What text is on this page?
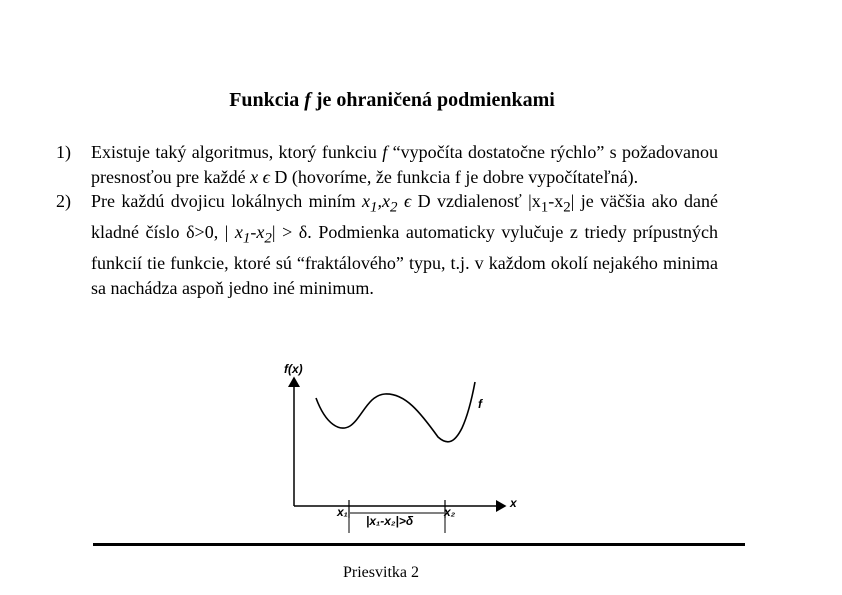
Funkcia f je ohraničená podmienkami
1) Existuje taký algoritmus, ktorý funkciu f “vypočíta dostatočne rýchlo” s požadovanou presnosťou pre každé x ϵ D (hovoríme, že funkcia f je dobre vypočítateľná).
2) Pre každú dvojicu lokálnych miním $x_1,x_2$ ϵ D vzdialenosť $|x_1-x_2|$ je väčšia ako dané kladné číslo δ>0, | $x_1-x_2| > \delta$. Podmienka automaticky vylučuje z triedy prípustných funkcií tie funkcie, ktoré sú “fraktálového” typu, t.j. v každom okolí nejakého minima sa nachádza aspoň jedno iné minimum.
f(x)
f
x
x₁	x₂
|x₁-x₂|>δ
Priesvitka 2
